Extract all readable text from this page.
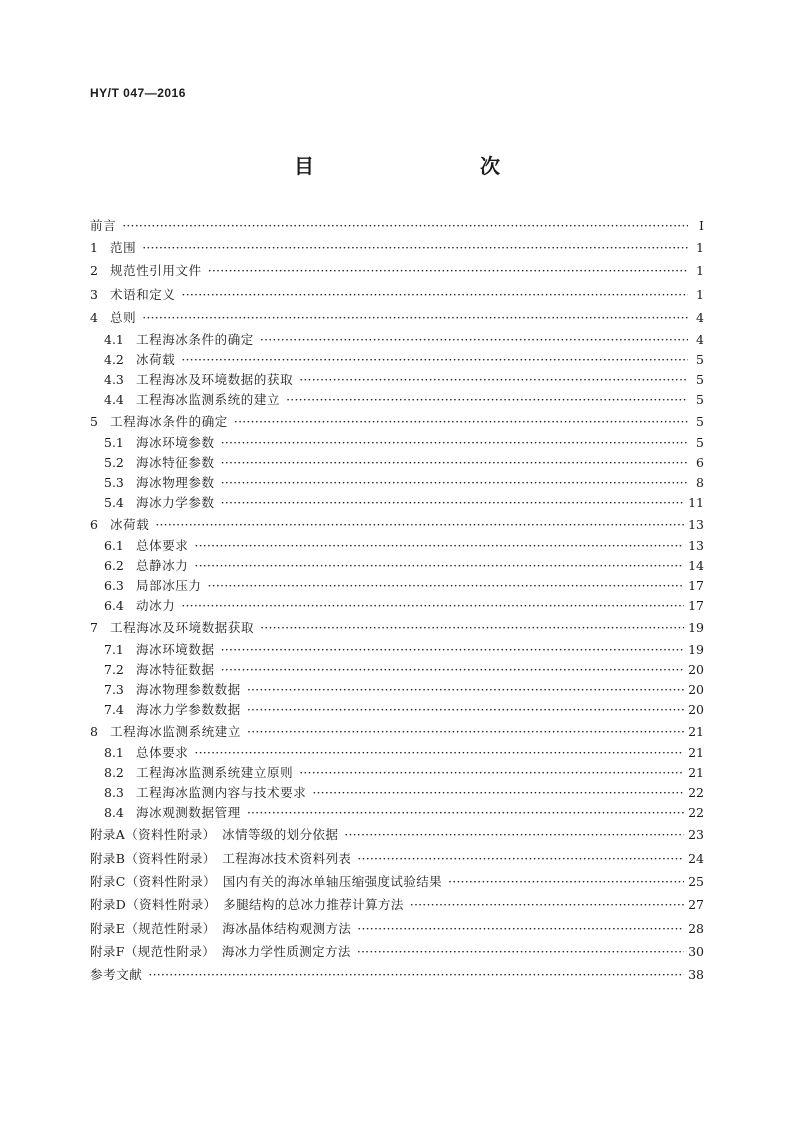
HY/T 047—2016
目　　次
前言 ·····	Ⅰ
1 范围 ·····	1
2 规范性引用文件 ·····	1
3 术语和定义 ·····	1
4 总则 ·····	4
4.1 工程海冰条件的确定 ·····	4
4.2 冰荷载 ·····	5
4.3 工程海冰及环境数据的获取 ·····	5
4.4 工程海冰监测系统的建立 ·····	5
5 工程海冰条件的确定 ·····	5
5.1 海冰环境参数 ·····	5
5.2 海冰特征参数 ·····	6
5.3 海冰物理参数 ·····	8
5.4 海冰力学参数 ·····	11
6 冰荷载 ·····	13
6.1 总体要求 ·····	13
6.2 总静冰力 ·····	14
6.3 局部冰压力 ·····	17
6.4 动冰力 ·····	17
7 工程海冰及环境数据获取 ·····	19
7.1 海冰环境数据 ·····	19
7.2 海冰特征数据 ·····	20
7.3 海冰物理参数数据 ·····	20
7.4 海冰力学参数数据 ·····	20
8 工程海冰监测系统建立 ·····	21
8.1 总体要求 ·····	21
8.2 工程海冰监测系统建立原则 ·····	21
8.3 工程海冰监测内容与技术要求 ·····	22
8.4 海冰观测数据管理 ·····	22
附录A（资料性附录）　冰情等级的划分依据 ·····	23
附录B（资料性附录）　工程海冰技术资料列表 ·····	24
附录C（资料性附录）　国内有关的海冰单轴压缩强度试验结果 ·····	25
附录D（资料性附录）　多腿结构的总冰力推荐计算方法 ·····	27
附录E（规范性附录）　海冰晶体结构观测方法 ·····	28
附录F（规范性附录）　海冰力学性质测定方法 ·····	30
参考文献 ·····	38
